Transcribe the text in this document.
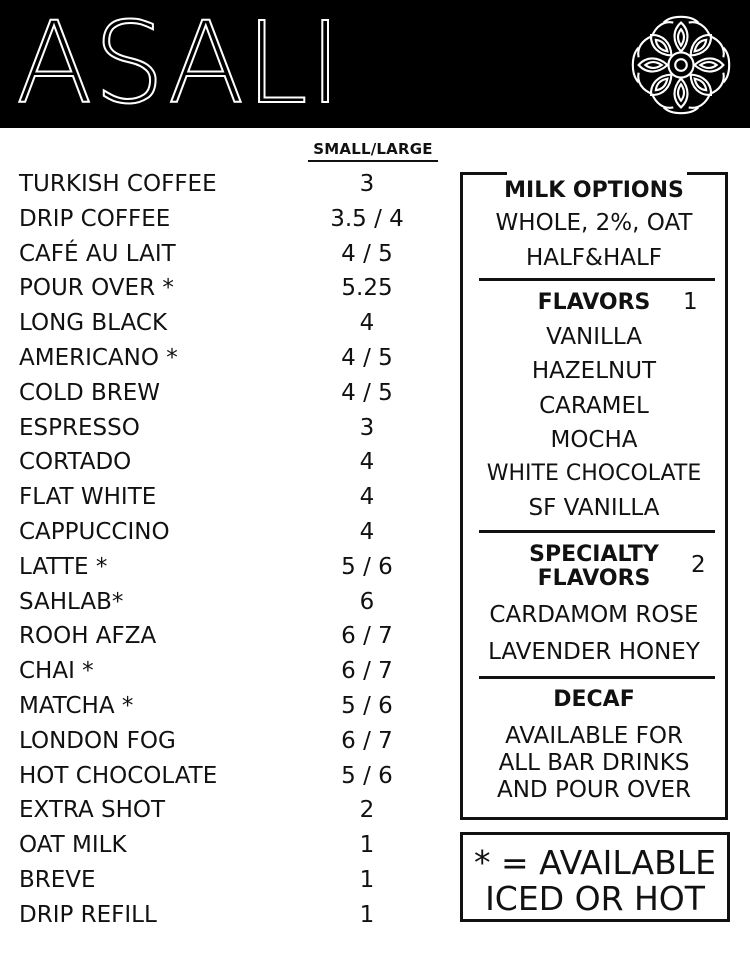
ASALI
SMALL/LARGE
TURKISH COFFEE	3
DRIP COFFEE	3.5 / 4
CAFÉ AU LAIT	4 / 5
POUR OVER *	5.25
LONG BLACK	4
AMERICANO *	4 / 5
COLD BREW	4 / 5
ESPRESSO	3
CORTADO	4
FLAT WHITE	4
CAPPUCCINO	4
LATTE *	5 / 6
SAHLAB*	6
ROOH AFZA	6 / 7
CHAI *	6 / 7
MATCHA *	5 / 6
LONDON FOG	6 / 7
HOT CHOCOLATE	5 / 6
EXTRA SHOT	2
OAT MILK	1
BREVE	1
DRIP REFILL	1
MILK OPTIONS
WHOLE, 2%, OAT
HALF&HALF
FLAVORS	1
VANILLA
HAZELNUT
CARAMEL
MOCHA
WHITE CHOCOLATE
SF VANILLA
SPECIALTY
FLAVORS
2
CARDAMOM ROSE
LAVENDER HONEY
DECAF
AVAILABLE FOR
ALL BAR DRINKS
AND POUR OVER
* = AVAILABLE
ICED OR HOT
